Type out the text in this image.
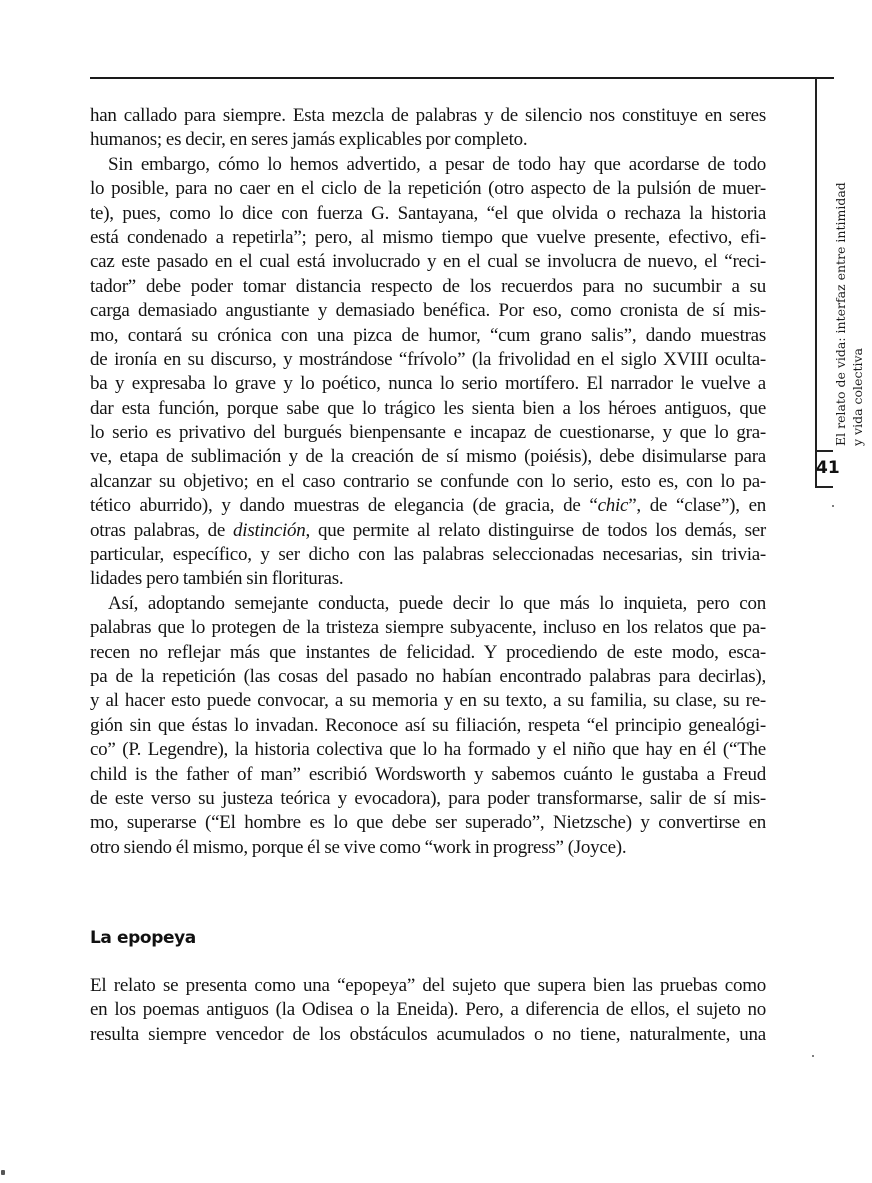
El relato de vida: interfaz entre intimidad y vida colectiva
41
han callado para siempre. Esta mezcla de palabras y de silencio nos constituye en seres
humanos; es decir, en seres jamás explicables por completo.
Sin embargo, cómo lo hemos advertido, a pesar de todo hay que acordarse de todo
lo posible, para no caer en el ciclo de la repetición (otro aspecto de la pulsión de muer-
te), pues, como lo dice con fuerza G. Santayana, “el que olvida o rechaza la historia
está condenado a repetirla”; pero, al mismo tiempo que vuelve presente, efectivo, efi-
caz este pasado en el cual está involucrado y en el cual se involucra de nuevo, el “reci-
tador” debe poder tomar distancia respecto de los recuerdos para no sucumbir a su
carga demasiado angustiante y demasiado benéfica. Por eso, como cronista de sí mis-
mo, contará su crónica con una pizca de humor, “cum grano salis”, dando muestras
de ironía en su discurso, y mostrándose “frívolo” (la frivolidad en el siglo XVIII oculta-
ba y expresaba lo grave y lo poético, nunca lo serio mortífero. El narrador le vuelve a
dar esta función, porque sabe que lo trágico les sienta bien a los héroes antiguos, que
lo serio es privativo del burgués bienpensante e incapaz de cuestionarse, y que lo gra-
ve, etapa de sublimación y de la creación de sí mismo (poiésis), debe disimularse para
alcanzar su objetivo; en el caso contrario se confunde con lo serio, esto es, con lo pa-
tético aburrido), y dando muestras de elegancia (de gracia, de “chic”, de “clase”), en
otras palabras, de distinción, que permite al relato distinguirse de todos los demás, ser
particular, específico, y ser dicho con las palabras seleccionadas necesarias, sin trivia-
lidades pero también sin florituras.
Así, adoptando semejante conducta, puede decir lo que más lo inquieta, pero con
palabras que lo protegen de la tristeza siempre subyacente, incluso en los relatos que pa-
recen no reflejar más que instantes de felicidad. Y procediendo de este modo, esca-
pa de la repetición (las cosas del pasado no habían encontrado palabras para decirlas),
y al hacer esto puede convocar, a su memoria y en su texto, a su familia, su clase, su re-
gión sin que éstas lo invadan. Reconoce así su filiación, respeta “el principio genealógi-
co” (P. Legendre), la historia colectiva que lo ha formado y el niño que hay en él (“The
child is the father of man” escribió Wordsworth y sabemos cuánto le gustaba a Freud
de este verso su justeza teórica y evocadora), para poder transformarse, salir de sí mis-
mo, superarse (“El hombre es lo que debe ser superado”, Nietzsche) y convertirse en
otro siendo él mismo, porque él se vive como “work in progress” (Joyce).
La epopeya
El relato se presenta como una “epopeya” del sujeto que supera bien las pruebas como
en los poemas antiguos (la Odisea o la Eneida). Pero, a diferencia de ellos, el sujeto no
resulta siempre vencedor de los obstáculos acumulados o no tiene, naturalmente, una
